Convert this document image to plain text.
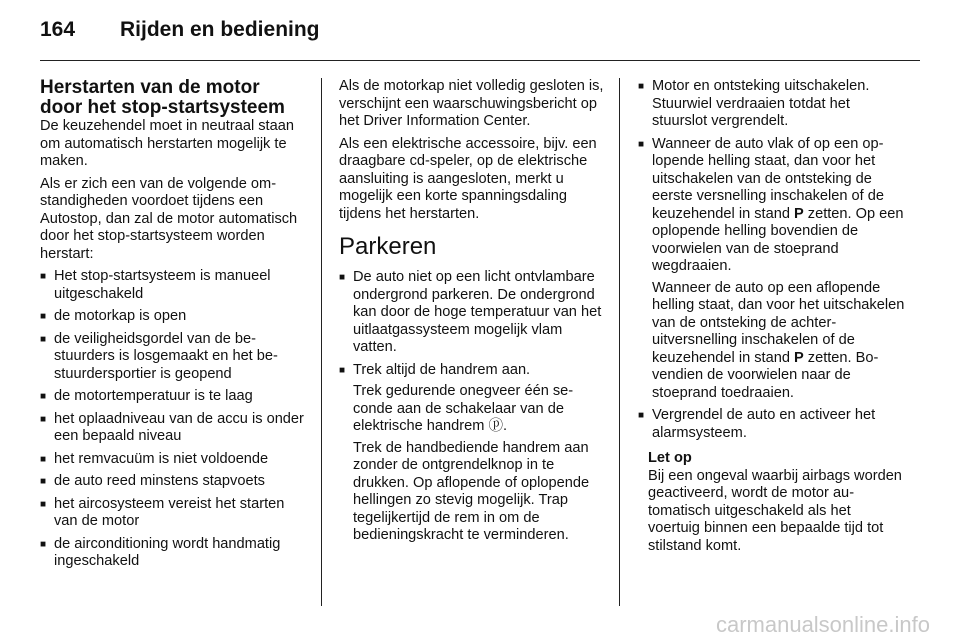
164 Rijden en bediening
Herstarten van de motor door het stop-startsysteem

De keuzehendel moet in neutraal staan om automatisch herstarten mogelijk te maken.

Als er zich een van de volgende omstandigheden voordoet tijdens een Autostop, dan zal de motor automatisch door het stop-startsysteem worden herstart:

■ Het stop-startsysteem is manueel uitgeschakeld
■ de motorkap is open
■ de veiligheidsgordel van de bestuurders is losgemaakt en het bestuurdersportier is geopend
■ de motortemperatuur is te laag
■ het oplaadniveau van de accu is onder een bepaald niveau
■ het remvacuüm is niet voldoende
■ de auto reed minstens stapvoets
■ het aircosysteem vereist het starten van de motor
■ de airconditioning wordt handmatig ingeschakeld

Als de motorkap niet volledig gesloten is, verschijnt een waarschuwingsbericht op het Driver Information Center.

Als een elektrische accessoire, bijv. een draagbare cd-speler, op de elektrische aansluiting is aangesloten, merkt u mogelijk een korte spanningsdaling tijdens het herstarten.

Parkeren
■ De auto niet op een licht ontvlambare ondergrond parkeren. De ondergrond kan door de hoge temperatuur van het uitlaatgassysteem mogelijk vlam vatten.
■ Trek altijd de handrem aan.

Trek gedurende onegveer één seconde aan de schakelaar van de elektrische handrem ⓟ.

Trek de handbediende handrem aan zonder de ontgrendelknop in te drukken. Op aflopende of oplopende hellingen zo stevig mogelijk. Trap tegelijkertijd de rem in om de bedieningskracht te verminderen.

■ Motor en ontsteking uitschakelen. Stuurwiel verdraaien totdat het stuurslot vergrendelt.
■ Wanneer de auto vlak of op een oplopende helling staat, dan voor het uitschakelen van de ontsteking de eerste versnelling inschakelen of de keuzehendel in stand P zetten. Op een oplopende helling bovendien de voorwielen van de stoeprand wegdraaien.

Wanneer de auto op een aflopende helling staat, dan voor het uitschakelen van de ontsteking de achteruitversnelling inschakelen of de keuzehendel in stand P zetten. Bovendien de voorwielen naar de stoeprand toedraaien.

■ Vergrendel de auto en activeer het alarmsysteem.
Let op
Bij een ongeval waarbij airbags worden geactiveerd, wordt de motor automatisch uitgeschakeld als het voertuig binnen een bepaalde tijd tot stilstand komt.
carmanualsonline.info
